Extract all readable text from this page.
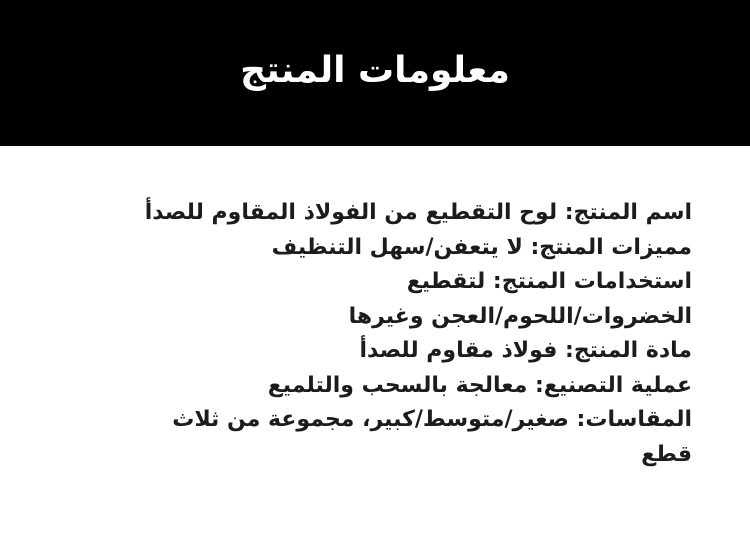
معلومات المنتج
اسم المنتج: لوح التقطيع من الفولاذ المقاوم للصدأ
مميزات المنتج: لا يتعفن/سهل التنظيف
استخدامات المنتج: لتقطيع
الخضروات/اللحوم/العجن وغيرها
مادة المنتج: فولاذ مقاوم للصدأ
عملية التصنيع: معالجة بالسحب والتلميع
المقاسات: صغير/متوسط/كبير، مجموعة من ثلاث
قطع
